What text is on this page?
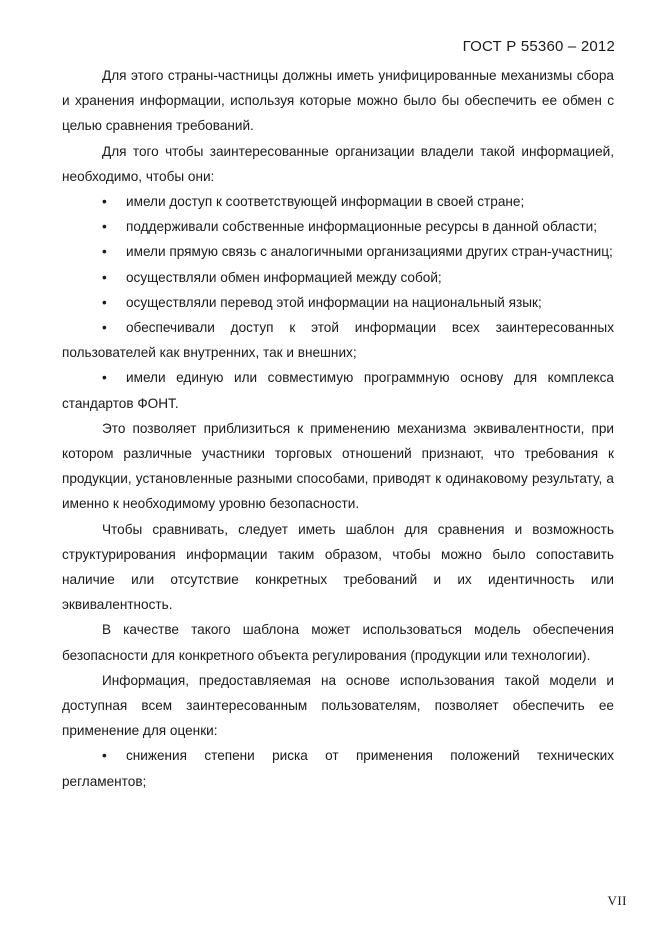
ГОСТ Р 55360 – 2012

Для этого страны-частницы должны иметь унифицированные механизмы сбора и хранения информации, используя которые можно было бы обеспечить ее обмен с целью сравнения требований.

Для того чтобы заинтересованные организации владели такой информацией, необходимо, чтобы они:

• имели доступ к соответствующей информации в своей стране;

• поддерживали собственные информационные ресурсы в данной области;

• имели прямую связь с аналогичными организациями других стран-участниц;

• осуществляли обмен информацией между собой;

• осуществляли перевод этой информации на национальный язык;

• обеспечивали доступ к этой информации всех заинтересованных пользователей как внутренних, так и внешних;

• имели единую или совместимую программную основу для комплекса стандартов ФОНТ.

Это позволяет приблизиться к применению механизма эквивалентности, при котором различные участники торговых отношений признают, что требования к продукции, установленные разными способами, приводят к одинаковому результату, а именно к необходимому уровню безопасности.

Чтобы сравнивать, следует иметь шаблон для сравнения и возможность структурирования информации таким образом, чтобы можно было сопоставить наличие или отсутствие конкретных требований и их идентичность или эквивалентность.

В качестве такого шаблона может использоваться модель обеспечения безопасности для конкретного объекта регулирования (продукции или технологии).

Информация, предоставляемая на основе использования такой модели и доступная всем заинтересованным пользователям, позволяет обеспечить ее применение для оценки:

• снижения степени риска от применения положений технических регламентов;

VII
